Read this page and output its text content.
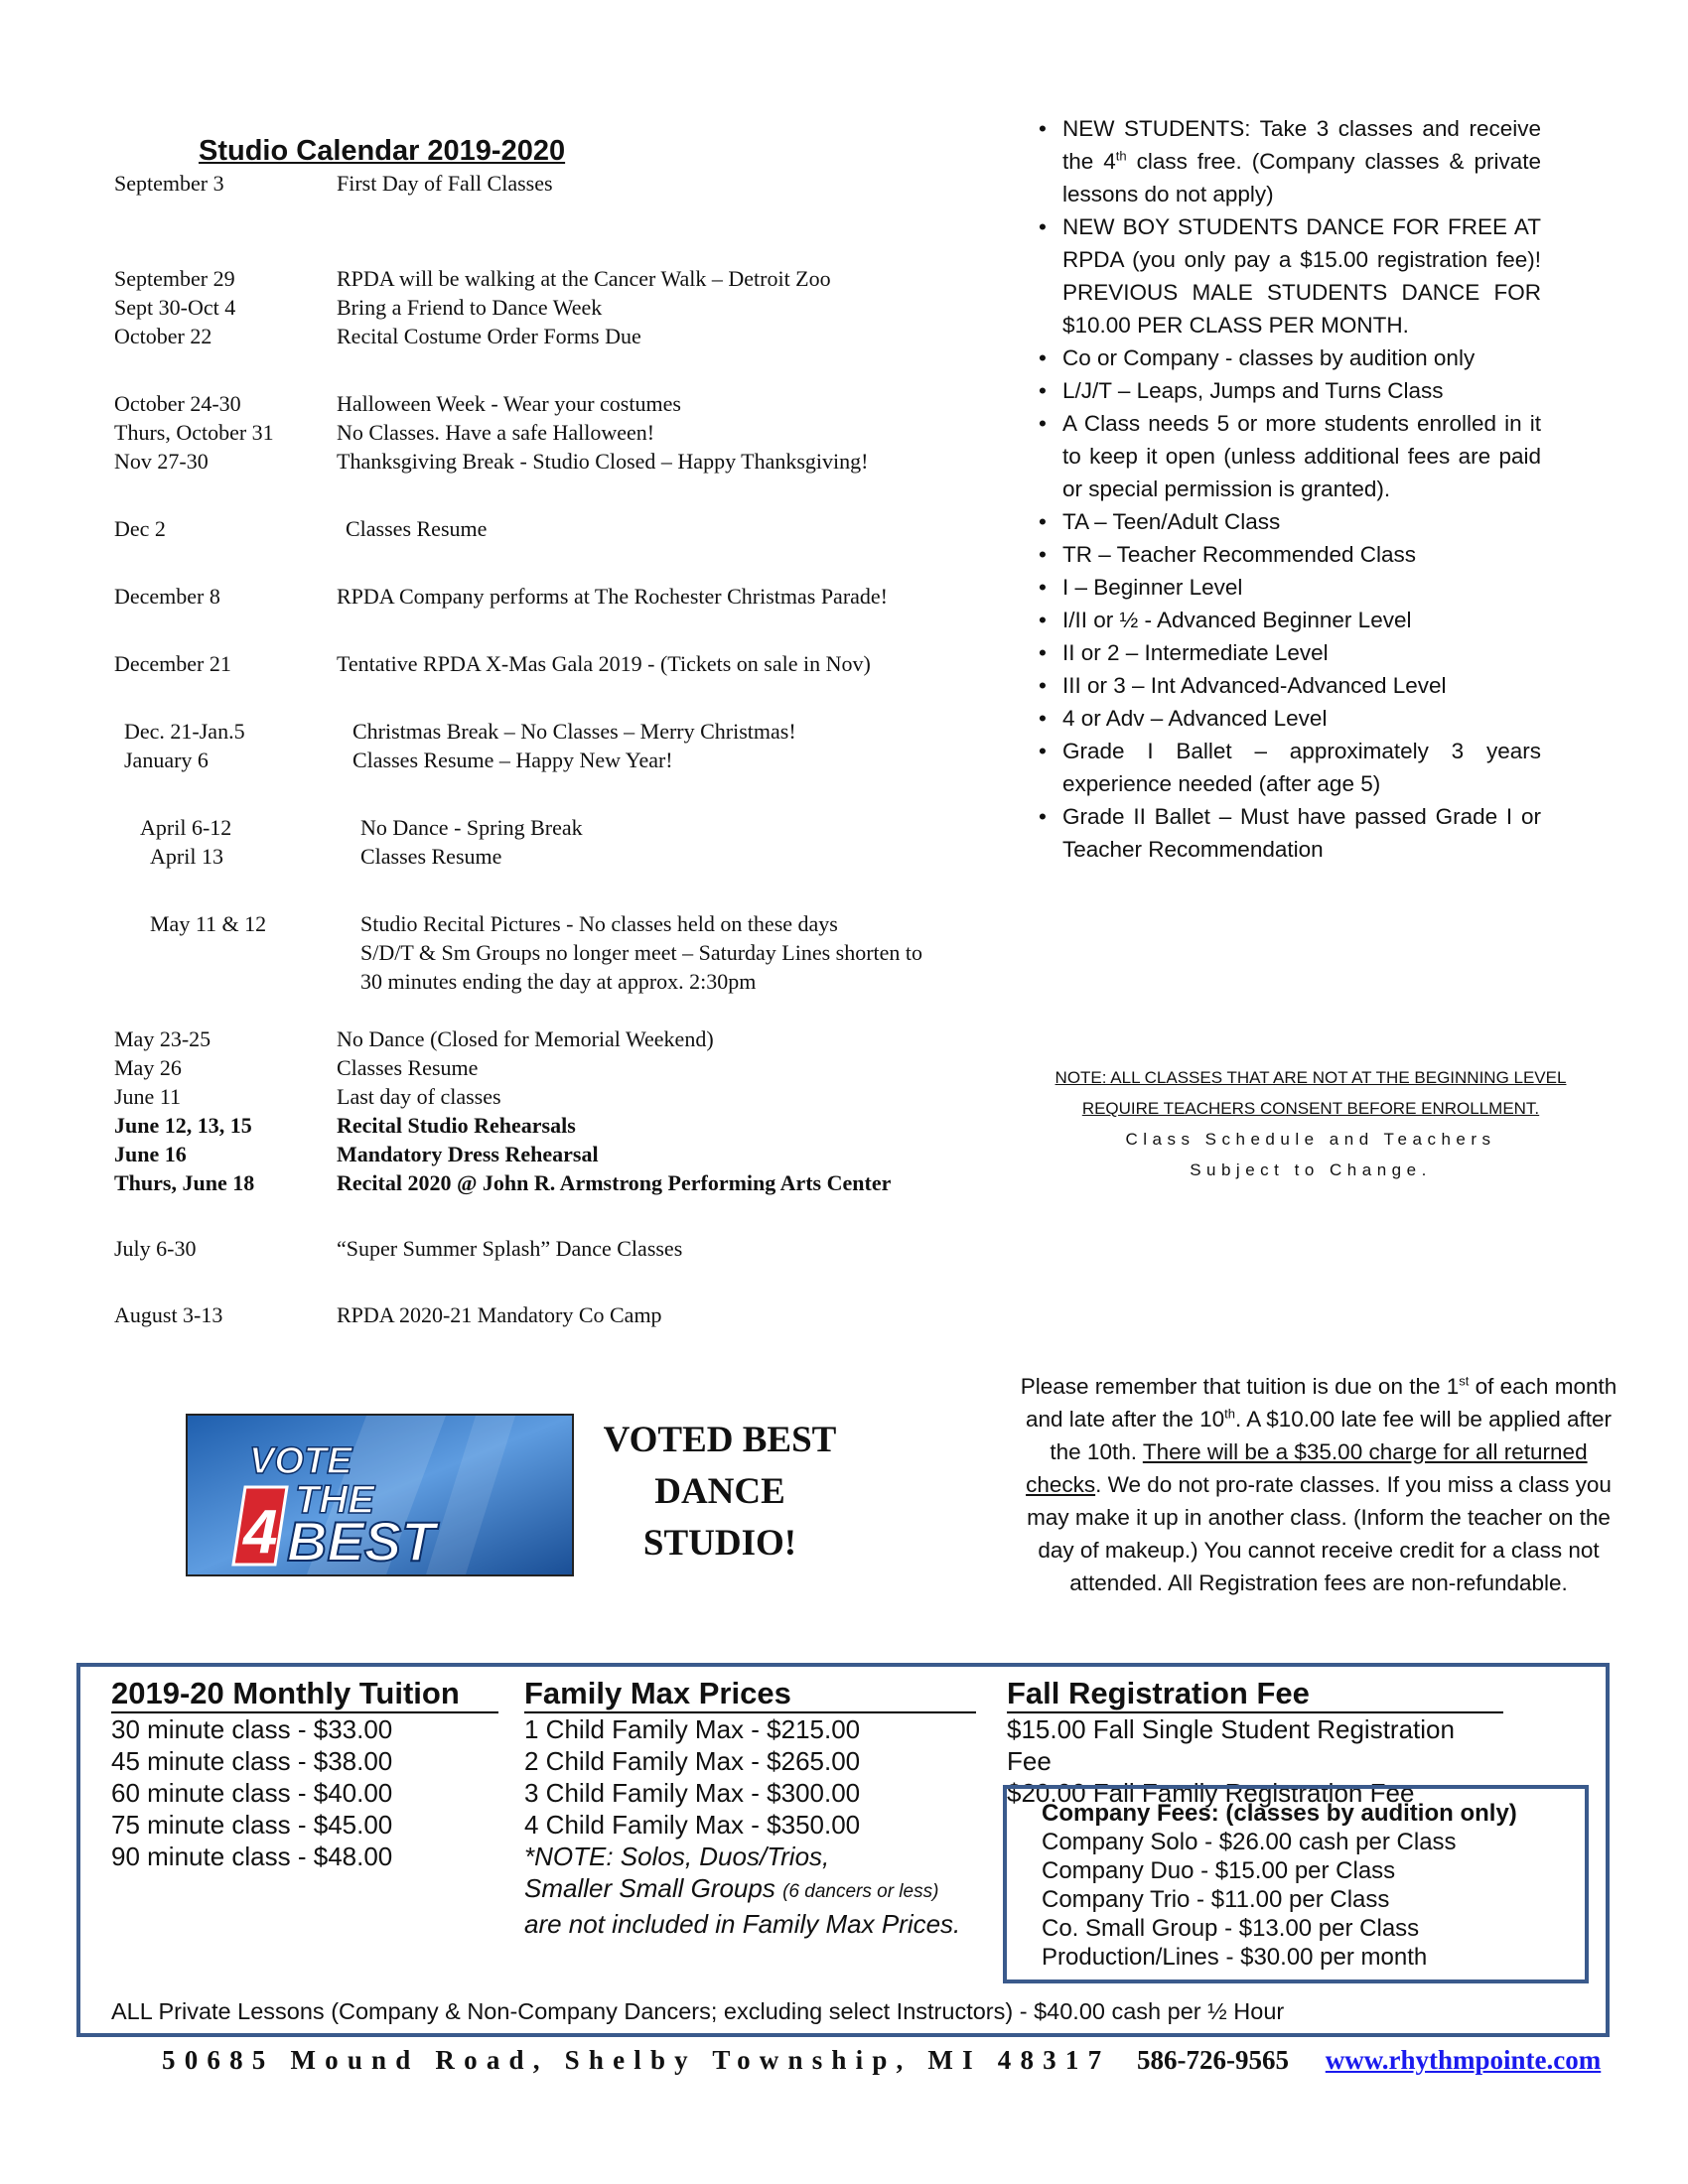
Studio Calendar 2019-2020
September 3	First Day of Fall Classes
September 29	RPDA will be walking at the Cancer Walk – Detroit Zoo
Sept 30-Oct 4	Bring a Friend to Dance Week
October 22	Recital Costume Order Forms Due
October 24-30	Halloween Week - Wear your costumes
Thurs, October 31	No Classes. Have a safe Halloween!
Nov 27-30	Thanksgiving Break - Studio Closed – Happy Thanksgiving!
Dec 2	Classes Resume
December 8	RPDA Company performs at The Rochester Christmas Parade!
December 21	Tentative RPDA X-Mas Gala 2019 - (Tickets on sale in Nov)
Dec. 21-Jan.5	Christmas Break – No Classes – Merry Christmas!
January 6	Classes Resume – Happy New Year!
April 6-12	No Dance - Spring Break
April 13	Classes Resume
May 11 & 12	Studio Recital Pictures - No classes held on these days
S/D/T & Sm Groups no longer meet – Saturday Lines shorten to
30 minutes ending the day at approx. 2:30pm
May 23-25	No Dance (Closed for Memorial Weekend)
May 26	Classes Resume
June 11	Last day of classes
June 12, 13, 15	Recital Studio Rehearsals
June 16	Mandatory Dress Rehearsal
Thurs, June 18	Recital 2020 @ John R. Armstrong Performing Arts Center
July 6-30	“Super Summer Splash” Dance Classes
August 3-13	RPDA 2020-21 Mandatory Co Camp
• NEW STUDENTS: Take 3 classes and receive the 4th class free. (Company classes & private lessons do not apply)
• NEW BOY STUDENTS DANCE FOR FREE AT RPDA (you only pay a $15.00 registration fee)! PREVIOUS MALE STUDENTS DANCE FOR $10.00 PER CLASS PER MONTH.
• Co or Company - classes by audition only
• L/J/T – Leaps, Jumps and Turns Class
• A Class needs 5 or more students enrolled in it to keep it open (unless additional fees are paid or special permission is granted).
• TA – Teen/Adult Class
• TR – Teacher Recommended Class
• I – Beginner Level
• I/II or ½ - Advanced Beginner Level
• II or 2 – Intermediate Level
• III or 3 – Int Advanced-Advanced Level
• 4 or Adv – Advanced Level
• Grade I Ballet – approximately 3 years experience needed (after age 5)
• Grade II Ballet – Must have passed Grade I or Teacher Recommendation
NOTE: ALL CLASSES THAT ARE NOT AT THE BEGINNING LEVEL REQUIRE TEACHERS CONSENT BEFORE ENROLLMENT.
Class Schedule and Teachers
Subject to Change.
VOTE
4 THE
BEST
VOTED BEST
DANCE
STUDIO!
Please remember that tuition is due on the 1st of each month and late after the 10th. A $10.00 late fee will be applied after the 10th. There will be a $35.00 charge for all returned checks. We do not pro-rate classes. If you miss a class you may make it up in another class. (Inform the teacher on the day of makeup.) You cannot receive credit for a class not attended. All Registration fees are non-refundable.
2019-20 Monthly Tuition
30 minute class - $33.00
45 minute class - $38.00
60 minute class - $40.00
75 minute class - $45.00
90 minute class - $48.00
Family Max Prices
1 Child Family Max - $215.00
2 Child Family Max - $265.00
3 Child Family Max - $300.00
4 Child Family Max - $350.00
*NOTE: Solos, Duos/Trios,
Smaller Small Groups (6 dancers or less)
are not included in Family Max Prices.
Fall Registration Fee
$15.00 Fall Single Student Registration Fee
$20.00 Fall Family Registration Fee
Company Fees: (classes by audition only)
Company Solo - $26.00 cash per Class
Company Duo - $15.00 per Class
Company Trio - $11.00 per Class
Co. Small Group - $13.00 per Class
Production/Lines - $30.00 per month
ALL Private Lessons (Company & Non-Company Dancers; excluding select Instructors) - $40.00 cash per ½ Hour
50685 Mound Road, Shelby Township, MI 48317 586-726-9565 www.rhythmpointe.com
